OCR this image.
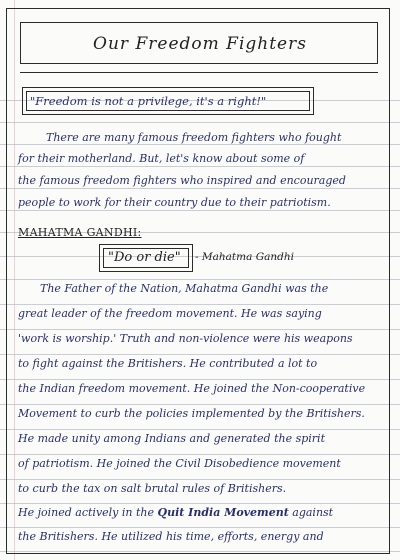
Our Freedom Fighters
"Freedom is not a privilege, it's a right!"
There are many famous freedom fighters who fought
for their motherland. But, let's know about some of
the famous freedom fighters who inspired and encouraged
people to work for their country due to their patriotism.
MAHATMA GANDHI:
"Do or die" - Mahatma Gandhi
The Father of the Nation, Mahatma Gandhi was the
great leader of the freedom movement. He was saying
'work is worship.' Truth and non-violence were his weapons
to fight against the Britishers. He contributed a lot to
the Indian freedom movement. He joined the Non-cooperative
Movement to curb the policies implemented by the Britishers.
He made unity among Indians and generated the spirit
of patriotism. He joined the Civil Disobedience movement
to curb the tax on salt brutal rules of Britishers.
He joined actively in the Quit India Movement against
the Britishers. He utilized his time, efforts, energy and
